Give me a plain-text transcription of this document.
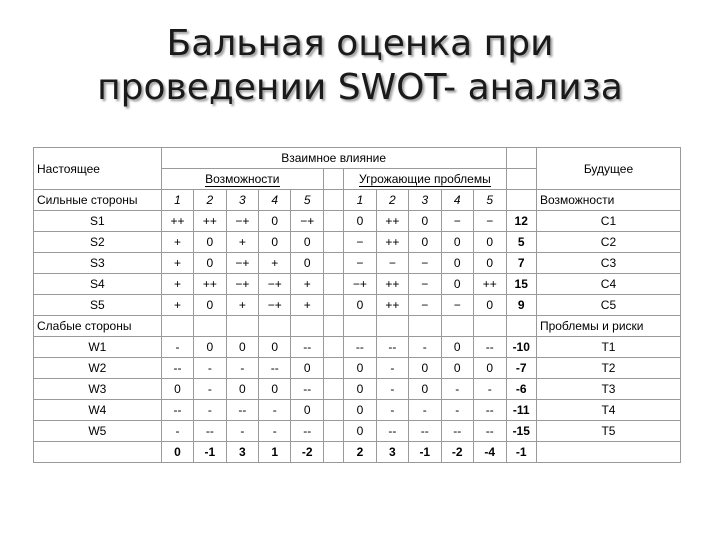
Бальная оценка при
проведении SWOT- анализа
Настоящее	Взаимное влияние												Будущее
	Возможности						Угрожающие проблемы						
Сильные стороны	1	2	3	4	5		1	2	3	4	5		Возможности
S1	++	++	−+	0	−+		0	++	0	−	−	12	C1
S2	+	0	+	0	0		−	++	0	0	0	5	C2
S3	+	0	−+	+	0		−	−	−	0	0	7	C3
S4	+	++	−+	−+	+		−+	++	−	0	++	15	C4
S5	+	0	+	−+	+		0	++	−	−	0	9	C5
Слабые стороны													Проблемы и риски
W1	-	0	0	0	--		--	--	-	0	--	-10	T1
W2	--	-	-	--	0		0	-	0	0	0	-7	T2
W3	0	-	0	0	--		0	-	0	-	-	-6	T3
W4	--	-	--	-	0		0	-	-	-	--	-11	T4
W5	-	--	-	-	--		0	--	--	--	--	-15	T5
	0	-1	3	1	-2		2	3	-1	-2	-4	-1	
